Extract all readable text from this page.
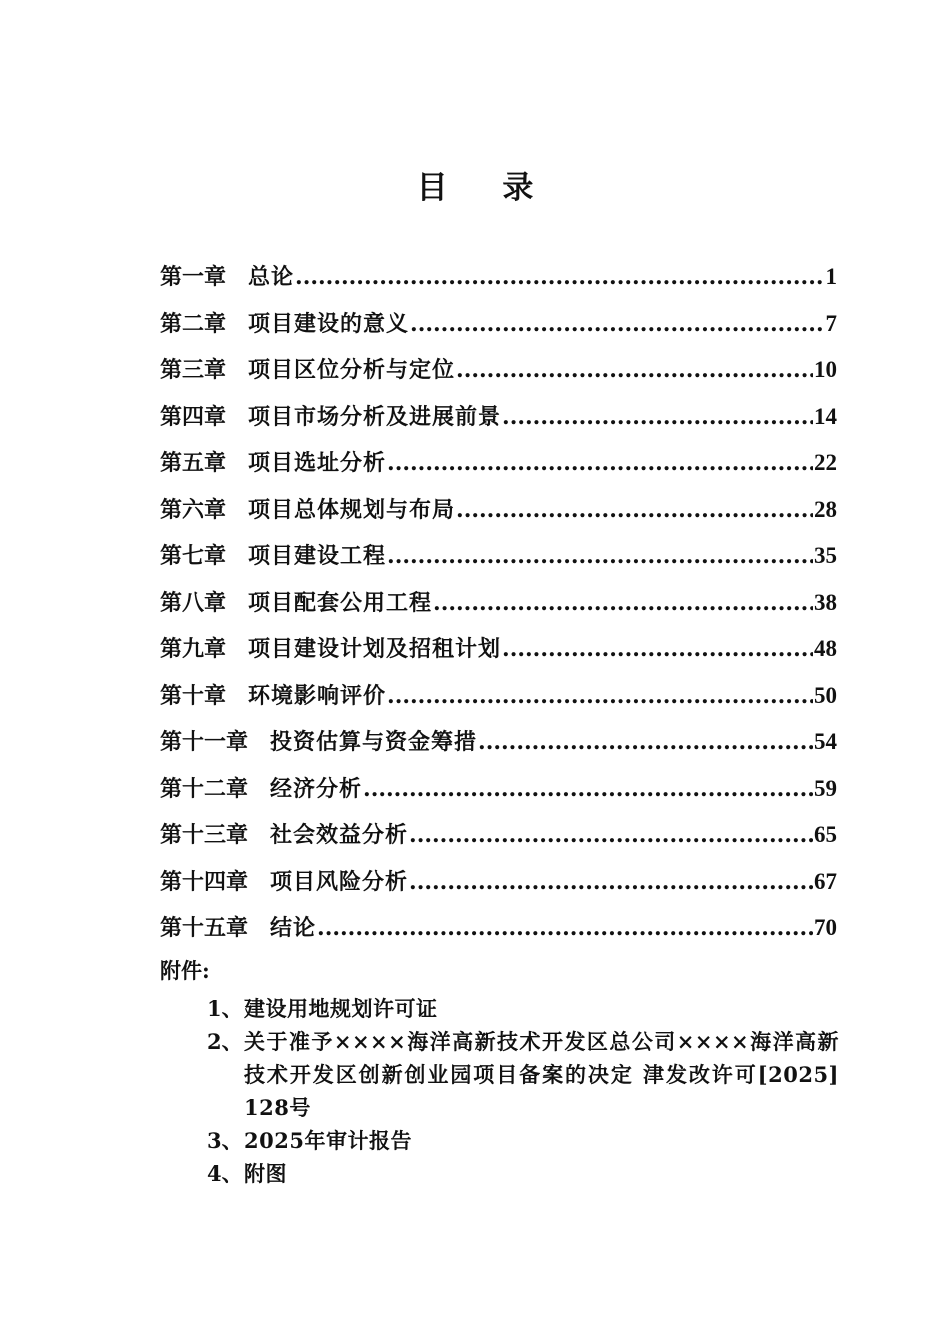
目 录
第一章 总论 .....	1
第二章 项目建设的意义 .....	7
第三章 项目区位分析与定位 .....	10
第四章 项目市场分析及进展前景 .....	14
第五章 项目选址分析 .....	22
第六章 项目总体规划与布局 .....	28
第七章 项目建设工程 .....	35
第八章 项目配套公用工程 .....	38
第九章 项目建设计划及招租计划 .....	48
第十章 环境影响评价 .....	50
第十一章 投资估算与资金筹措 .....	54
第十二章 经济分析 .....	59
第十三章 社会效益分析 .....	65
第十四章 项目风险分析 .....	67
第十五章 结论 .....	70
附件:
1、 建设用地规划许可证
2、 关于准予××××海洋高新技术开发区总公司××××海洋高新技术开发区创新创业园项目备案的决定 津发改许可[2025] 128号
3、 2025年审计报告
4、 附图
